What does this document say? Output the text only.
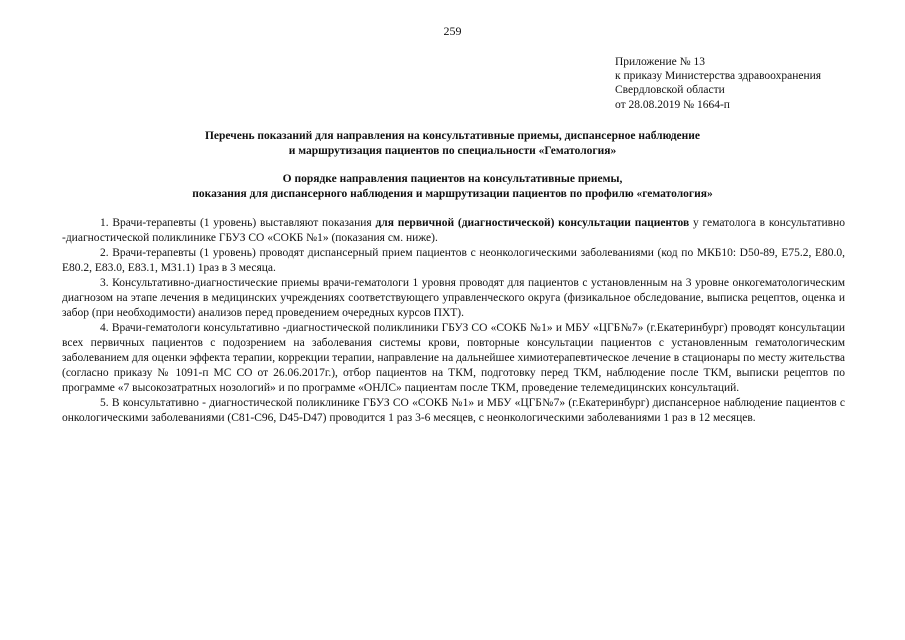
259
Приложение № 13
к приказу Министерства здравоохранения
Свердловской области
от 28.08.2019 № 1664-п
Перечень показаний для направления на консультативные приемы, диспансерное наблюдение
и маршрутизация пациентов по специальности «Гематология»
О порядке направления пациентов на консультативные приемы,
показания для диспансерного наблюдения и маршрутизации пациентов по профилю «гематология»

1. Врачи-терапевты (1 уровень) выставляют показания для первичной (диагностической) консультации пациентов у гематолога в консультативно -диагностической поликлинике ГБУЗ СО «СОКБ №1» (показания см. ниже).

2. Врачи-терапевты (1 уровень) проводят диспансерный прием пациентов с неонкологическими заболеваниями (код по МКБ10: D50-89, Е75.2, Е80.0, Е80.2, Е83.0, Е83.1, М31.1) 1раз в 3 месяца.

3. Консультативно-диагностические приемы врачи-гематологи 1 уровня проводят для пациентов с установленным на 3 уровне онкогематологическим диагнозом на этапе лечения в медицинских учреждениях соответствующего управленческого округа (физикальное обследование, выписка рецептов, оценка и забор (при необходимости) анализов перед проведением очередных курсов ПХТ).

4. Врачи-гематологи консультативно -диагностической поликлиники ГБУЗ СО «СОКБ №1» и МБУ «ЦГБ№7» (г.Екатеринбург) проводят консультации всех первичных пациентов с подозрением на заболевания системы крови, повторные консультации пациентов с установленным гематологическим заболеванием для оценки эффекта терапии, коррекции терапии, направление на дальнейшее химиотерапевтическое лечение в стационары по месту жительства (согласно приказу № 1091-п МС СО от 26.06.2017г.), отбор пациентов на ТКМ, подготовку перед ТКМ, наблюдение после ТКМ, выписки рецептов по программе «7 высокозатратных нозологий» и по программе «ОНЛС» пациентам после ТКМ, проведение телемедицинских консультаций.

5. В консультативно - диагностической поликлинике ГБУЗ СО «СОКБ №1» и МБУ «ЦГБ№7» (г.Екатеринбург) диспансерное наблюдение пациентов с онкологическими заболеваниями (С81-С96, D45-D47) проводится 1 раз 3-6 месяцев, с неонкологическими заболеваниями 1 раз в 12 месяцев.
